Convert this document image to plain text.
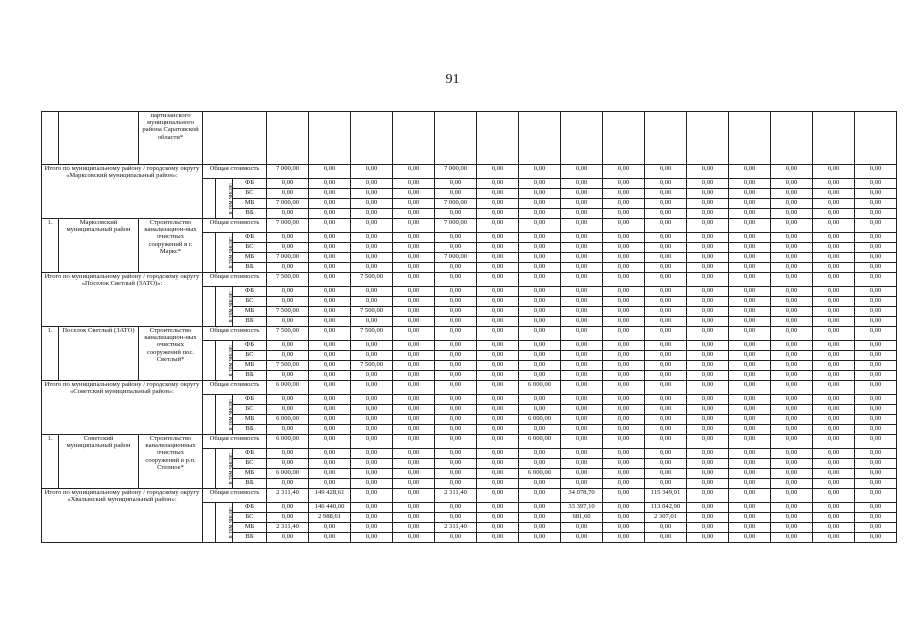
91
		партизанского муниципального района Саратовской области*																		
Итого по муниципальному району / городскому округу «Марксовский муниципальный район»:			Общая стоимость			7 000,00	0,00	0,00	0,00	7 000,00	0,00	0,00	0,00	0,00	0,00	0,00	0,00	0,00	0,00	0,00
				в том числе:	ФБ	0,00	0,00	0,00	0,00	0,00	0,00	0,00	0,00	0,00	0,00	0,00	0,00	0,00	0,00	0,00
					БС	0,00	0,00	0,00	0,00	0,00	0,00	0,00	0,00	0,00	0,00	0,00	0,00	0,00	0,00	0,00
					МБ	7 000,00	0,00	0,00	0,00	7 000,00	0,00	0,00	0,00	0,00	0,00	0,00	0,00	0,00	0,00	0,00
					ВБ	0,00	0,00	0,00	0,00	0,00	0,00	0,00	0,00	0,00	0,00	0,00	0,00	0,00	0,00	0,00
1.	Марксовский муниципальный район	Строительство канализацион-ных очистных сооружений в г. Маркс*	Общая стоимость			7 000,00	0,00	0,00	0,00	7 000,00	0,00	0,00	0,00	0,00	0,00	0,00	0,00	0,00	0,00	0,00
				в том числе:	ФБ	0,00	0,00	0,00	0,00	0,00	0,00	0,00	0,00	0,00	0,00	0,00	0,00	0,00	0,00	0,00
					БС	0,00	0,00	0,00	0,00	0,00	0,00	0,00	0,00	0,00	0,00	0,00	0,00	0,00	0,00	0,00
					МБ	7 000,00	0,00	0,00	0,00	7 000,00	0,00	0,00	0,00	0,00	0,00	0,00	0,00	0,00	0,00	0,00
					ВБ	0,00	0,00	0,00	0,00	0,00	0,00	0,00	0,00	0,00	0,00	0,00	0,00	0,00	0,00	0,00
Итого по муниципальному району / городскому округу «Поселок Светлый (ЗАТО)»:			Общая стоимость			7 500,00	0,00	7 500,00	0,00	0,00	0,00	0,00	0,00	0,00	0,00	0,00	0,00	0,00	0,00	0,00
				в том числе:	ФБ	0,00	0,00	0,00	0,00	0,00	0,00	0,00	0,00	0,00	0,00	0,00	0,00	0,00	0,00	0,00
					БС	0,00	0,00	0,00	0,00	0,00	0,00	0,00	0,00	0,00	0,00	0,00	0,00	0,00	0,00	0,00
					МБ	7 500,00	0,00	7 500,00	0,00	0,00	0,00	0,00	0,00	0,00	0,00	0,00	0,00	0,00	0,00	0,00
					ВБ	0,00	0,00	0,00	0,00	0,00	0,00	0,00	0,00	0,00	0,00	0,00	0,00	0,00	0,00	0,00
1.	Поселок Светлый (ЗАТО)	Строительство канализацион-ных очистных сооружений пос. Светлый*	Общая стоимость			7 500,00	0,00	7 500,00	0,00	0,00	0,00	0,00	0,00	0,00	0,00	0,00	0,00	0,00	0,00	0,00
				в том числе:	ФБ	0,00	0,00	0,00	0,00	0,00	0,00	0,00	0,00	0,00	0,00	0,00	0,00	0,00	0,00	0,00
					БС	0,00	0,00	0,00	0,00	0,00	0,00	0,00	0,00	0,00	0,00	0,00	0,00	0,00	0,00	0,00
					МБ	7 500,00	0,00	7 500,00	0,00	0,00	0,00	0,00	0,00	0,00	0,00	0,00	0,00	0,00	0,00	0,00
					ВБ	0,00	0,00	0,00	0,00	0,00	0,00	0,00	0,00	0,00	0,00	0,00	0,00	0,00	0,00	0,00
Итого по муниципальному району / городскому округу «Советский муниципальный район»:			Общая стоимость			6 000,00	0,00	0,00	0,00	0,00	0,00	6 000,00	0,00	0,00	0,00	0,00	0,00	0,00	0,00	0,00
				в том числе:	ФБ	0,00	0,00	0,00	0,00	0,00	0,00	0,00	0,00	0,00	0,00	0,00	0,00	0,00	0,00	0,00
					БС	0,00	0,00	0,00	0,00	0,00	0,00	0,00	0,00	0,00	0,00	0,00	0,00	0,00	0,00	0,00
					МБ	6 000,00	0,00	0,00	0,00	0,00	0,00	6 000,00	0,00	0,00	0,00	0,00	0,00	0,00	0,00	0,00
					ВБ	0,00	0,00	0,00	0,00	0,00	0,00	0,00	0,00	0,00	0,00	0,00	0,00	0,00	0,00	0,00
1.	Советский муниципальный район	Строительство канализационных очистных сооружений в р.п. Степное*	Общая стоимость			6 000,00	0,00	0,00	0,00	0,00	0,00	6 000,00	0,00	0,00	0,00	0,00	0,00	0,00	0,00	0,00
				в том числе:	ФБ	0,00	0,00	0,00	0,00	0,00	0,00	0,00	0,00	0,00	0,00	0,00	0,00	0,00	0,00	0,00
					БС	0,00	0,00	0,00	0,00	0,00	0,00	0,00	0,00	0,00	0,00	0,00	0,00	0,00	0,00	0,00
					МБ	6 000,00	0,00	0,00	0,00	0,00	0,00	6 000,00	0,00	0,00	0,00	0,00	0,00	0,00	0,00	0,00
					ВБ	0,00	0,00	0,00	0,00	0,00	0,00	0,00	0,00	0,00	0,00	0,00	0,00	0,00	0,00	0,00
Итого по муниципальному району / городскому округу «Хвалынский муниципальный район»:			Общая стоимость			2 311,40	149 428,61	0,00	0,00	2 311,40	0,00	0,00	34 078,70	0,00	115 349,91	0,00	0,00	0,00	0,00	0,00
				в том числе:	ФБ	0,00	146 440,00	0,00	0,00	0,00	0,00	0,00	33 397,10	0,00	113 042,90	0,00	0,00	0,00	0,00	0,00
					БС	0,00	2 988,61	0,00	0,00	0,00	0,00	0,00	681,60	0,00	2 307,01	0,00	0,00	0,00	0,00	0,00
					МБ	2 311,40	0,00	0,00	0,00	2 311,40	0,00	0,00	0,00	0,00	0,00	0,00	0,00	0,00	0,00	0,00
					ВБ	0,00	0,00	0,00	0,00	0,00	0,00	0,00	0,00	0,00	0,00	0,00	0,00	0,00	0,00	0,00
